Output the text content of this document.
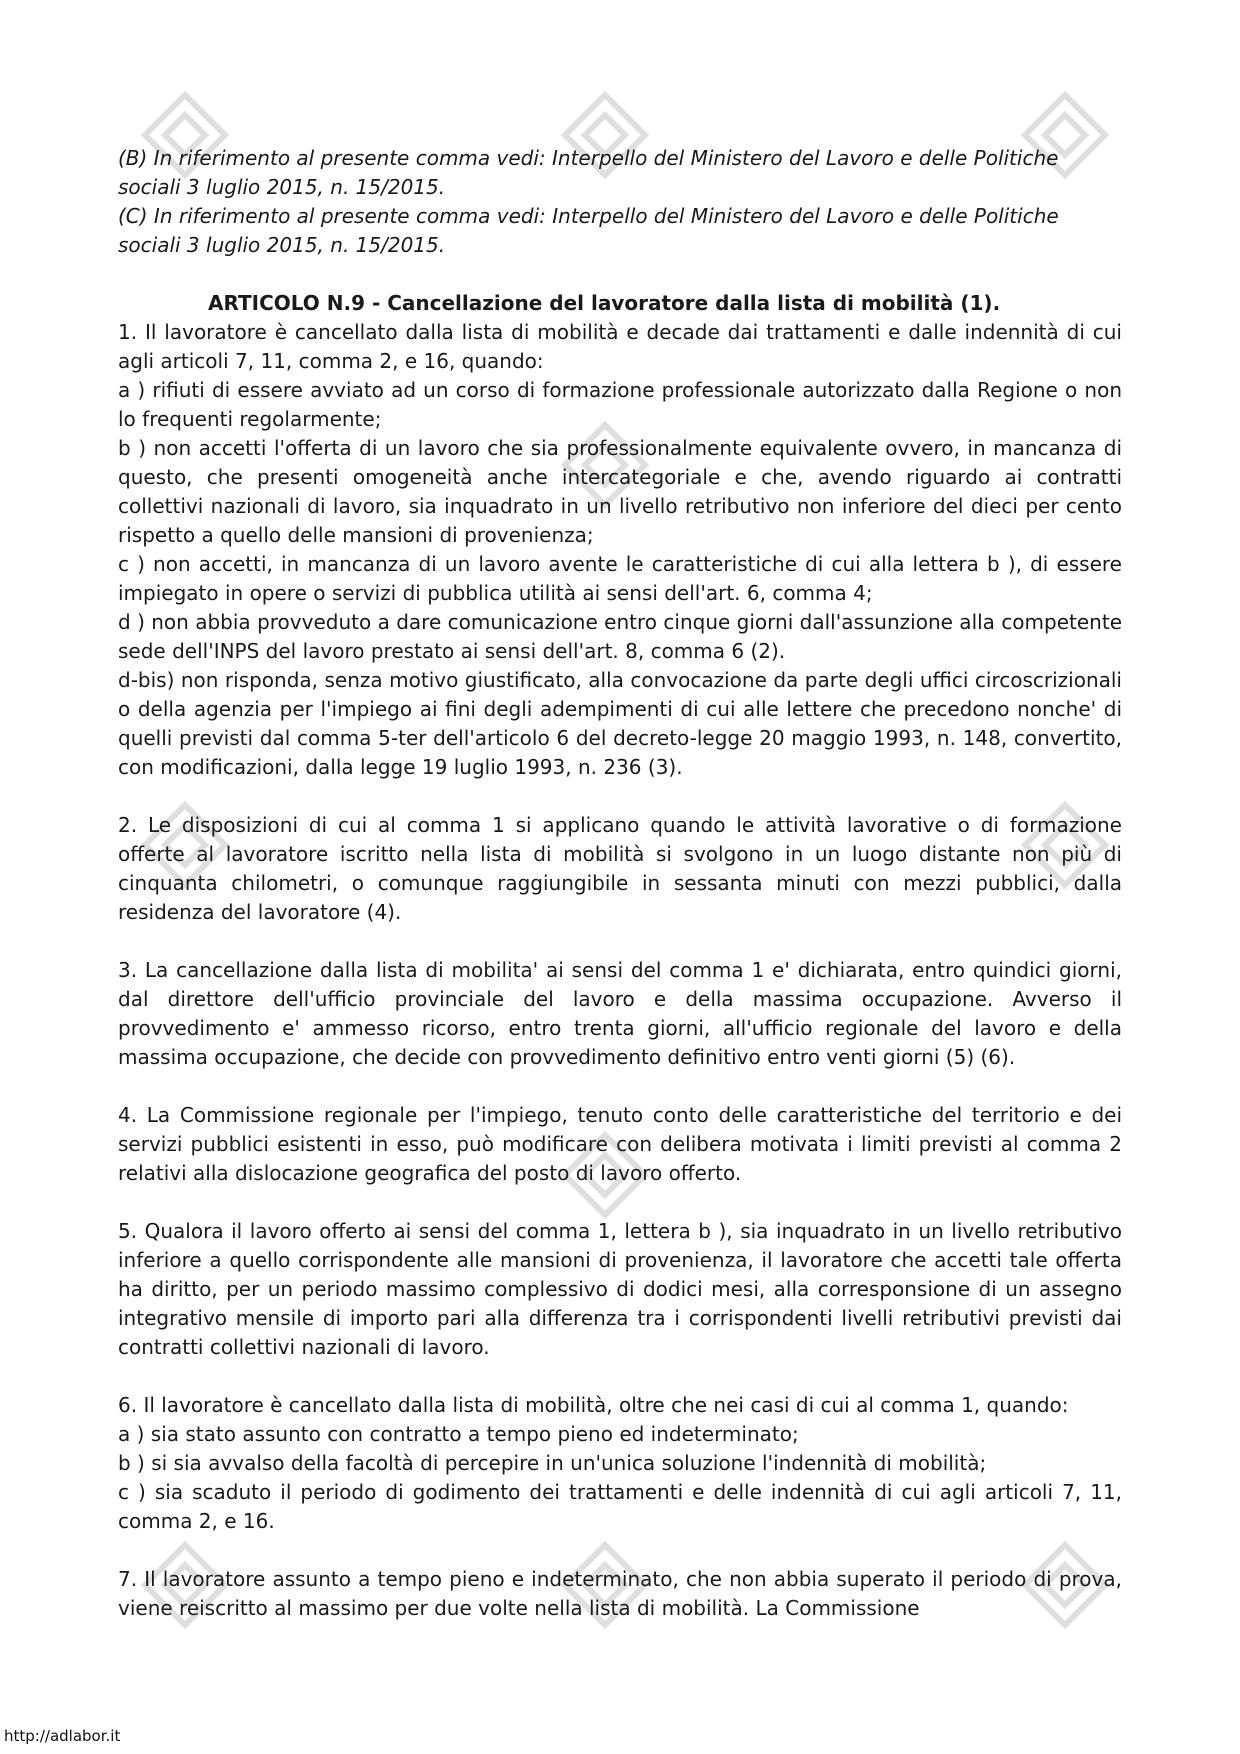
(B) In riferimento al presente comma vedi: Interpello del Ministero del Lavoro e delle Politiche sociali 3 luglio 2015, n. 15/2015.

(C) In riferimento al presente comma vedi: Interpello del Ministero del Lavoro e delle Politiche sociali 3 luglio 2015, n. 15/2015.

ARTICOLO N.9 - Cancellazione del lavoratore dalla lista di mobilità (1).

1. Il lavoratore è cancellato dalla lista di mobilità e decade dai trattamenti e dalle indennità di cui agli articoli 7, 11, comma 2, e 16, quando:

a ) rifiuti di essere avviato ad un corso di formazione professionale autorizzato dalla Regione o non lo frequenti regolarmente;

b ) non accetti l'offerta di un lavoro che sia professionalmente equivalente ovvero, in mancanza di questo, che presenti omogeneità anche intercategoriale e che, avendo riguardo ai contratti collettivi nazionali di lavoro, sia inquadrato in un livello retributivo non inferiore del dieci per cento rispetto a quello delle mansioni di provenienza;

c ) non accetti, in mancanza di un lavoro avente le caratteristiche di cui alla lettera b ), di essere impiegato in opere o servizi di pubblica utilità ai sensi dell'art. 6, comma 4;

d ) non abbia provveduto a dare comunicazione entro cinque giorni dall'assunzione alla competente sede dell'INPS del lavoro prestato ai sensi dell'art. 8, comma 6 (2).

d-bis) non risponda, senza motivo giustificato, alla convocazione da parte degli uffici circoscrizionali o della agenzia per l'impiego ai fini degli adempimenti di cui alle lettere che precedono nonche' di quelli previsti dal comma 5-ter dell'articolo 6 del decreto-legge 20 maggio 1993, n. 148, convertito, con modificazioni, dalla legge 19 luglio 1993, n. 236 (3).

2. Le disposizioni di cui al comma 1 si applicano quando le attività lavorative o di formazione offerte al lavoratore iscritto nella lista di mobilità si svolgono in un luogo distante non più di cinquanta chilometri, o comunque raggiungibile in sessanta minuti con mezzi pubblici, dalla residenza del lavoratore (4).

3. La cancellazione dalla lista di mobilita' ai sensi del comma 1 e' dichiarata, entro quindici giorni, dal direttore dell'ufficio provinciale del lavoro e della massima occupazione. Avverso il provvedimento e' ammesso ricorso, entro trenta giorni, all'ufficio regionale del lavoro e della massima occupazione, che decide con provvedimento definitivo entro venti giorni (5) (6).

4. La Commissione regionale per l'impiego, tenuto conto delle caratteristiche del territorio e dei servizi pubblici esistenti in esso, può modificare con delibera motivata i limiti previsti al comma 2 relativi alla dislocazione geografica del posto di lavoro offerto.

5. Qualora il lavoro offerto ai sensi del comma 1, lettera b ), sia inquadrato in un livello retributivo inferiore a quello corrispondente alle mansioni di provenienza, il lavoratore che accetti tale offerta ha diritto, per un periodo massimo complessivo di dodici mesi, alla corresponsione di un assegno integrativo mensile di importo pari alla differenza tra i corrispondenti livelli retributivi previsti dai contratti collettivi nazionali di lavoro.

6. Il lavoratore è cancellato dalla lista di mobilità, oltre che nei casi di cui al comma 1, quando:

a ) sia stato assunto con contratto a tempo pieno ed indeterminato;

b ) si sia avvalso della facoltà di percepire in un'unica soluzione l'indennità di mobilità;

c ) sia scaduto il periodo di godimento dei trattamenti e delle indennità di cui agli articoli 7, 11, comma 2, e 16.

7. Il lavoratore assunto a tempo pieno e indeterminato, che non abbia superato il periodo di prova, viene reiscritto al massimo per due volte nella lista di mobilità. La Commissione

http://adlabor.it
